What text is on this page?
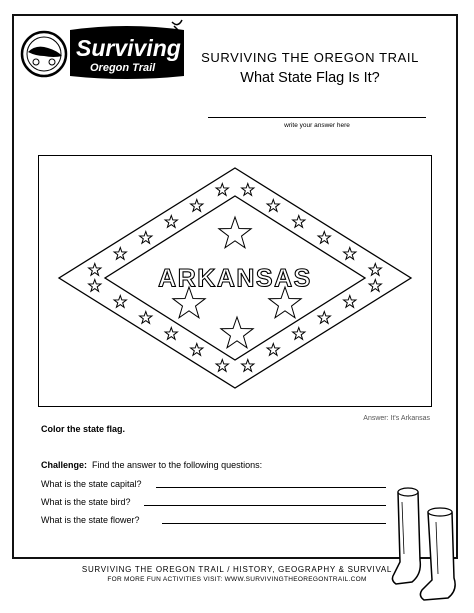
Surviving
Oregon Trail
SURVIVING THE OREGON TRAIL
What State Flag Is It?
write your answer here
ARKANSAS
Answer: It's Arkansas
Color the state flag.
Challenge: Find the answer to the following questions:
What is the state capital?
What is the state bird?
What is the state flower?
SURVIVING THE OREGON TRAIL / HISTORY, GEOGRAPHY & SURVIVAL
FOR MORE FUN ACTIVITIES VISIT: WWW.SURVIVINGTHEOREGONTRAIL.COM
